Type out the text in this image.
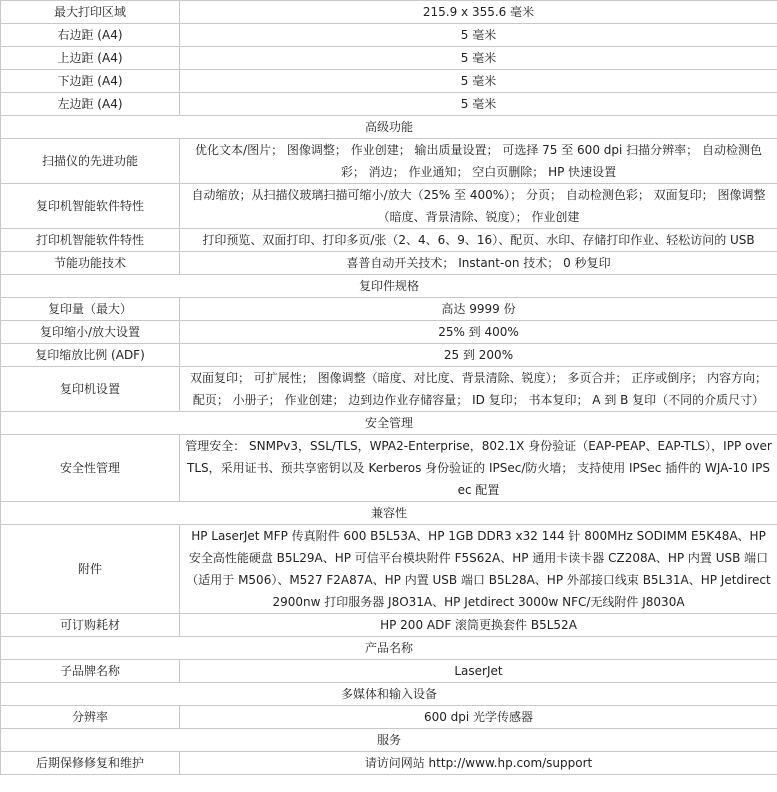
最大打印区域	215.9 x 355.6 毫米
右边距 (A4)	5 毫米
上边距 (A4)	5 毫米
下边距 (A4)	5 毫米
左边距 (A4)	5 毫米
高级功能	
扫描仪的先进功能	优化文本/图片； 图像调整； 作业创建； 输出质量设置； 可选择 75 至 600 dpi 扫描分辨率； 自动检测色彩； 消边； 作业通知； 空白页删除； HP 快速设置
复印机智能软件特性	自动缩放；从扫描仪玻璃扫描可缩小/放大（25% 至 400%）； 分页； 自动检测色彩； 双面复印； 图像调整（暗度、背景清除、锐度）； 作业创建
打印机智能软件特性	打印预览、双面打印、打印多页/张（2、4、6、9、16）、配页、水印、存储打印作业、轻松访问的 USB
节能功能技术	喜普自动开关技术； Instant-on 技术； 0 秒复印
复印件规格	
复印量（最大）	高达 9999 份
复印缩小/放大设置	25% 到 400%
复印缩放比例 (ADF)	25 到 200%
复印机设置	双面复印； 可扩展性； 图像调整（暗度、对比度、背景清除、锐度）； 多页合并； 正序或倒序； 内容方向； 配页； 小册子； 作业创建； 边到边作业存储容量； ID 复印； 书本复印； A 到 B 复印（不同的介质尺寸）
安全管理	
安全性管理	管理安全： SNMPv3，SSL/TLS，WPA2-Enterprise，802.1X 身份验证（EAP-PEAP、EAP-TLS），IPP over TLS，采用证书、预共享密钥以及 Kerberos 身份验证的 IPSec/防火墙； 支持使用 IPSec 插件的 WJA-10 IPSec 配置
兼容性	
附件	HP LaserJet MFP 传真附件 600 B5L53A、HP 1GB DDR3 x32 144 针 800MHz SODIMM E5K48A、HP 安全高性能硬盘 B5L29A、HP 可信平台模块附件 F5S62A、HP 通用卡读卡器 CZ208A、HP 内置 USB 端口（适用于 M506）、M527 F2A87A、HP 内置 USB 端口 B5L28A、HP 外部接口线束 B5L31A、HP Jetdirect 2900nw 打印服务器 J8O31A、HP Jetdirect 3000w NFC/无线附件 J8030A
可订购耗材	HP 200 ADF 滚筒更换套件 B5L52A
产品名称	
子品牌名称	LaserJet
多媒体和输入设备	
分辨率	600 dpi 光学传感器
服务	
后期保修修复和维护	请访问网站 http://www.hp.com/support
